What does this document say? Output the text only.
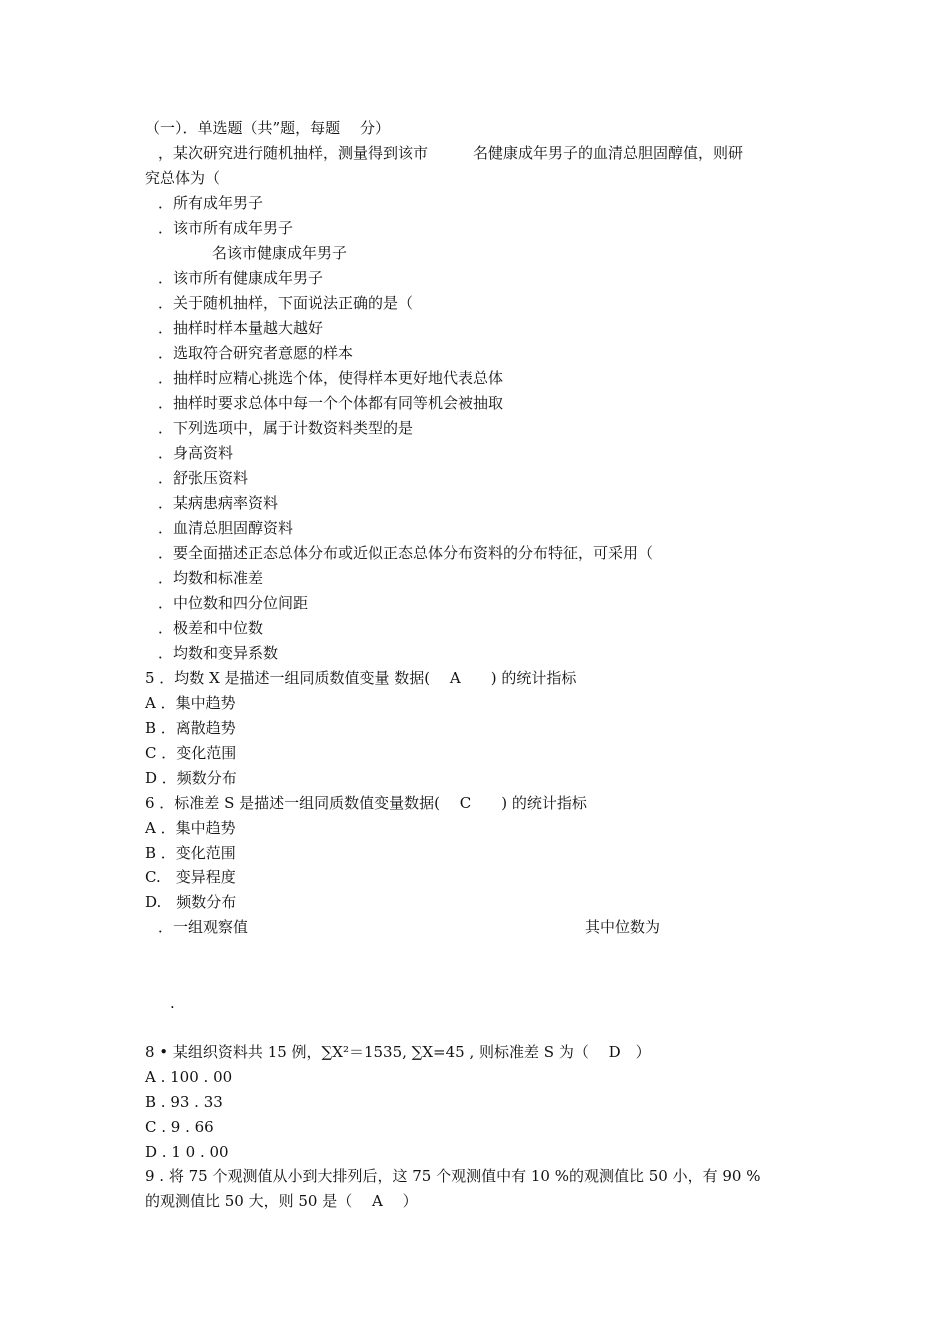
（一）．单选题（共”题，每题　 分）
，某次研究进行随机抽样，测量得到该市　　　名健康成年男子的血清总胆固醇值，则研
究总体为（
．所有成年男子
．该市所有成年男子
名该市健康成年男子
．该市所有健康成年男子
．关于随机抽样，下面说法正确的是（
．抽样时样本量越大越好
．选取符合研究者意愿的样本
．抽样时应精心挑选个体，使得样本更好地代表总体
．抽样时要求总体中每一个个体都有同等机会被抽取
．下列选项中，属于计数资料类型的是
．身高资料
．舒张压资料
．某病患病率资料
．血清总胆固醇资料
．要全面描述正态总体分布或近似正态总体分布资料的分布特征，可采用（
．均数和标准差
．中位数和四分位间距
．极差和中位数
．均数和变异系数
5 ．均数 X 是描述一组同质数值变量 数据(　 A　　) 的统计指标
A ．集中趋势
B ．离散趋势
C ．变化范围
D ．频数分布
6 ．标准差 S 是描述一组同质数值变量数据(　 C　　) 的统计指标
A ．集中趋势
B ．变化范围
C.　变异程度
D.　频数分布
．一组观察值	其中位数为
.
8 • 某组织资料共 15 例，∑X²＝1535, ∑X=45 , 则标准差 S 为（　 D　）
A . 100 . 00
B . 93 . 33
C . 9 . 66
D . 1 0 . 00
9 . 将 75 个观测值从小到大排列后，这 75 个观测值中有 10 %的观测值比 50 小，有 90 %
的观测值比 50 大，则 50 是（　 A　 ）
